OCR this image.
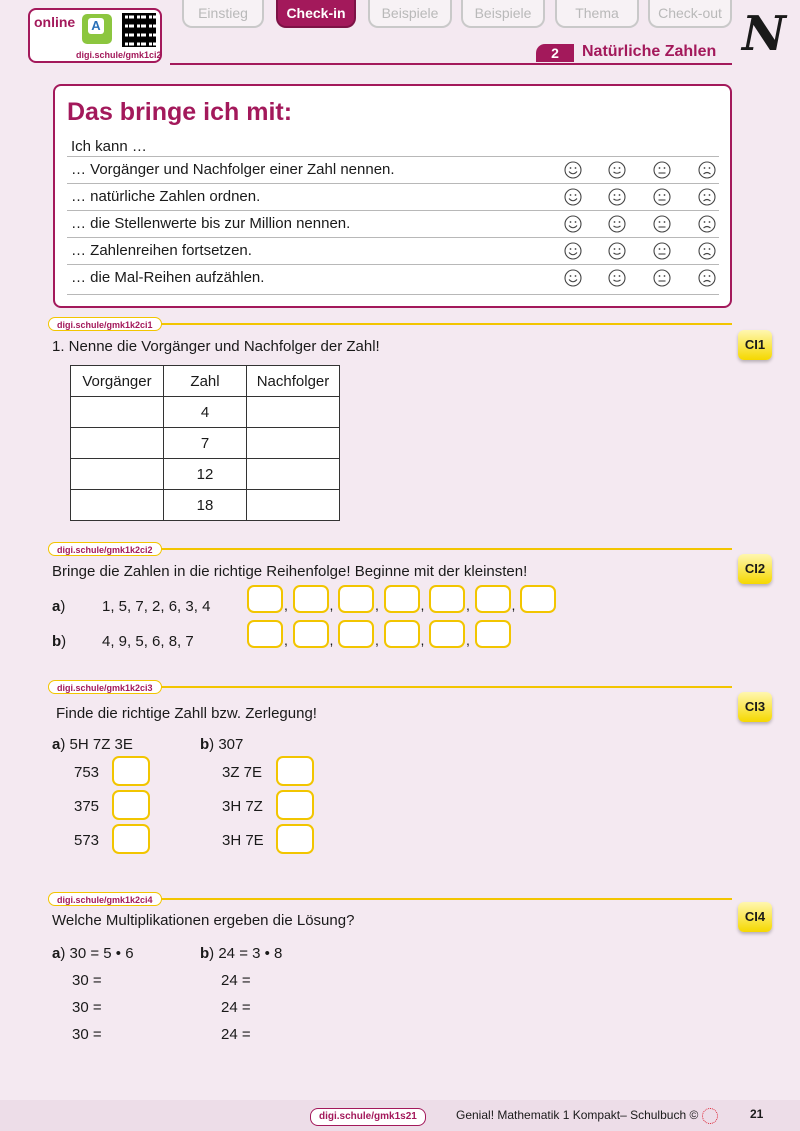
online A
digi.schule/gmk1ci2
Einstieg	Check-in	Beispiele	Beispiele	Thema	Check-out
2	Natürliche Zahlen N
Das bringe ich mit:
Ich kann …
… Vorgänger und Nachfolger einer Zahl nennen.
… natürliche Zahlen ordnen.
… die Stellenwerte bis zur Million nennen.
… Zahlenreihen fortsetzen.
… die Mal-Reihen aufzählen.
digi.schule/gmk1k2ci1
CI1
1. Nenne die Vorgänger und Nachfolger der Zahl!
Vorgänger	Zahl	Nachfolger
	4	
	7	
	12	
	18	
digi.schule/gmk1k2ci2
CI2
Bringe die Zahlen in die richtige Reihenfolge! Beginne mit der kleinsten!
a) 1, 5, 7, 2, 6, 3, 4	,	,	,	,	,	,
b) 4, 9, 5, 6, 8, 7	,	,	,	,	,
digi.schule/gmk1k2ci3
CI3
Finde die richtige Zahll bzw. Zerlegung!
a) 5H 7Z 3E	b) 307
753	3Z 7E
375	3H 7Z
573	3H 7E
digi.schule/gmk1k2ci4
CI4
Welche Multiplikationen ergeben die Lösung?
a) 30 = 5 • 6	b) 24 = 3 • 8
30 =	24 =
30 =	24 =
30 =	24 =
digi.schule/gmk1s21	Genial! Mathematik 1 Kompakt– Schulbuch ©	21
